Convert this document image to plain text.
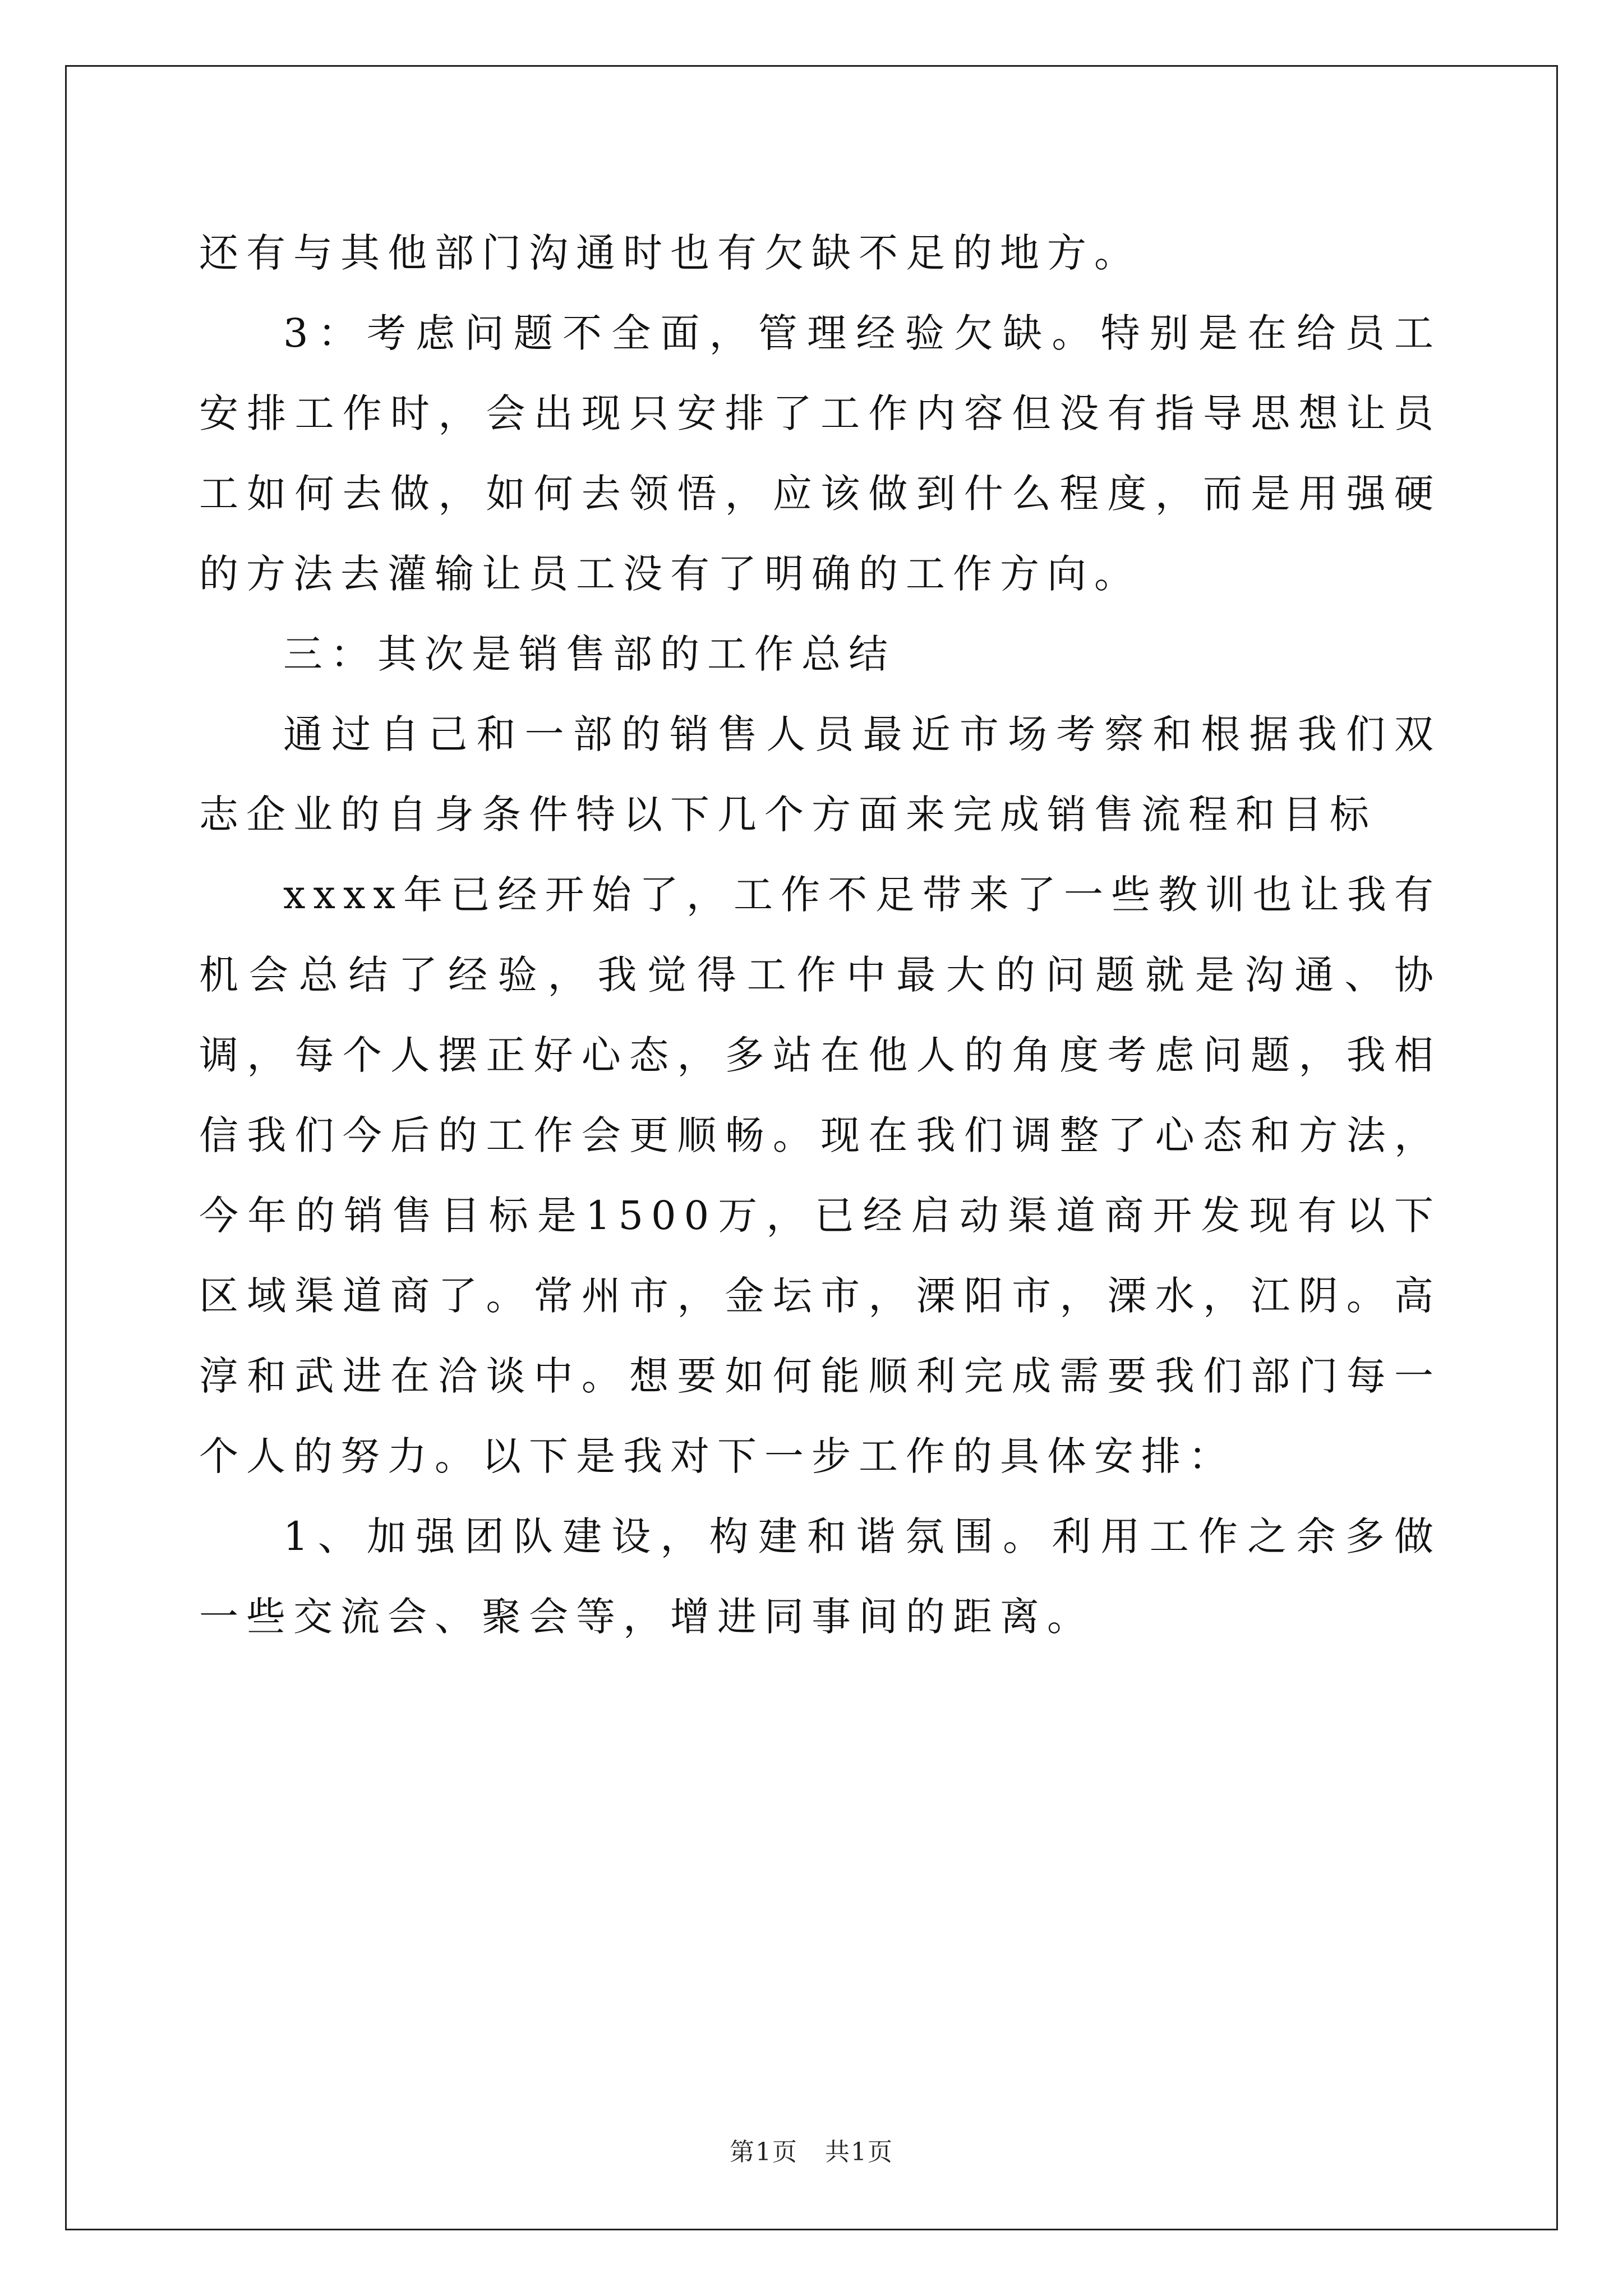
还有与其他部门沟通时也有欠缺不足的地方。

3：考虑问题不全面，管理经验欠缺。特别是在给员工安排工作时，会出现只安排了工作内容但没有指导思想让员工如何去做，如何去领悟，应该做到什么程度，而是用强硬的方法去灌输让员工没有了明确的工作方向。

三：其次是销售部的工作总结

通过自己和一部的销售人员最近市场考察和根据我们双志企业的自身条件特以下几个方面来完成销售流程和目标

xxxx年已经开始了，工作不足带来了一些教训也让我有机会总结了经验，我觉得工作中最大的问题就是沟通、协调，每个人摆正好心态，多站在他人的角度考虑问题，我相信我们今后的工作会更顺畅。现在我们调整了心态和方法，今年的销售目标是1500万，已经启动渠道商开发现有以下区域渠道商了。常州市，金坛市，溧阳市，溧水，江阴。高淳和武进在洽谈中。想要如何能顺利完成需要我们部门每一个人的努力。以下是我对下一步工作的具体安排：

1、加强团队建设，构建和谐氛围。利用工作之余多做一些交流会、聚会等，增进同事间的距离。

第1页 共1页
